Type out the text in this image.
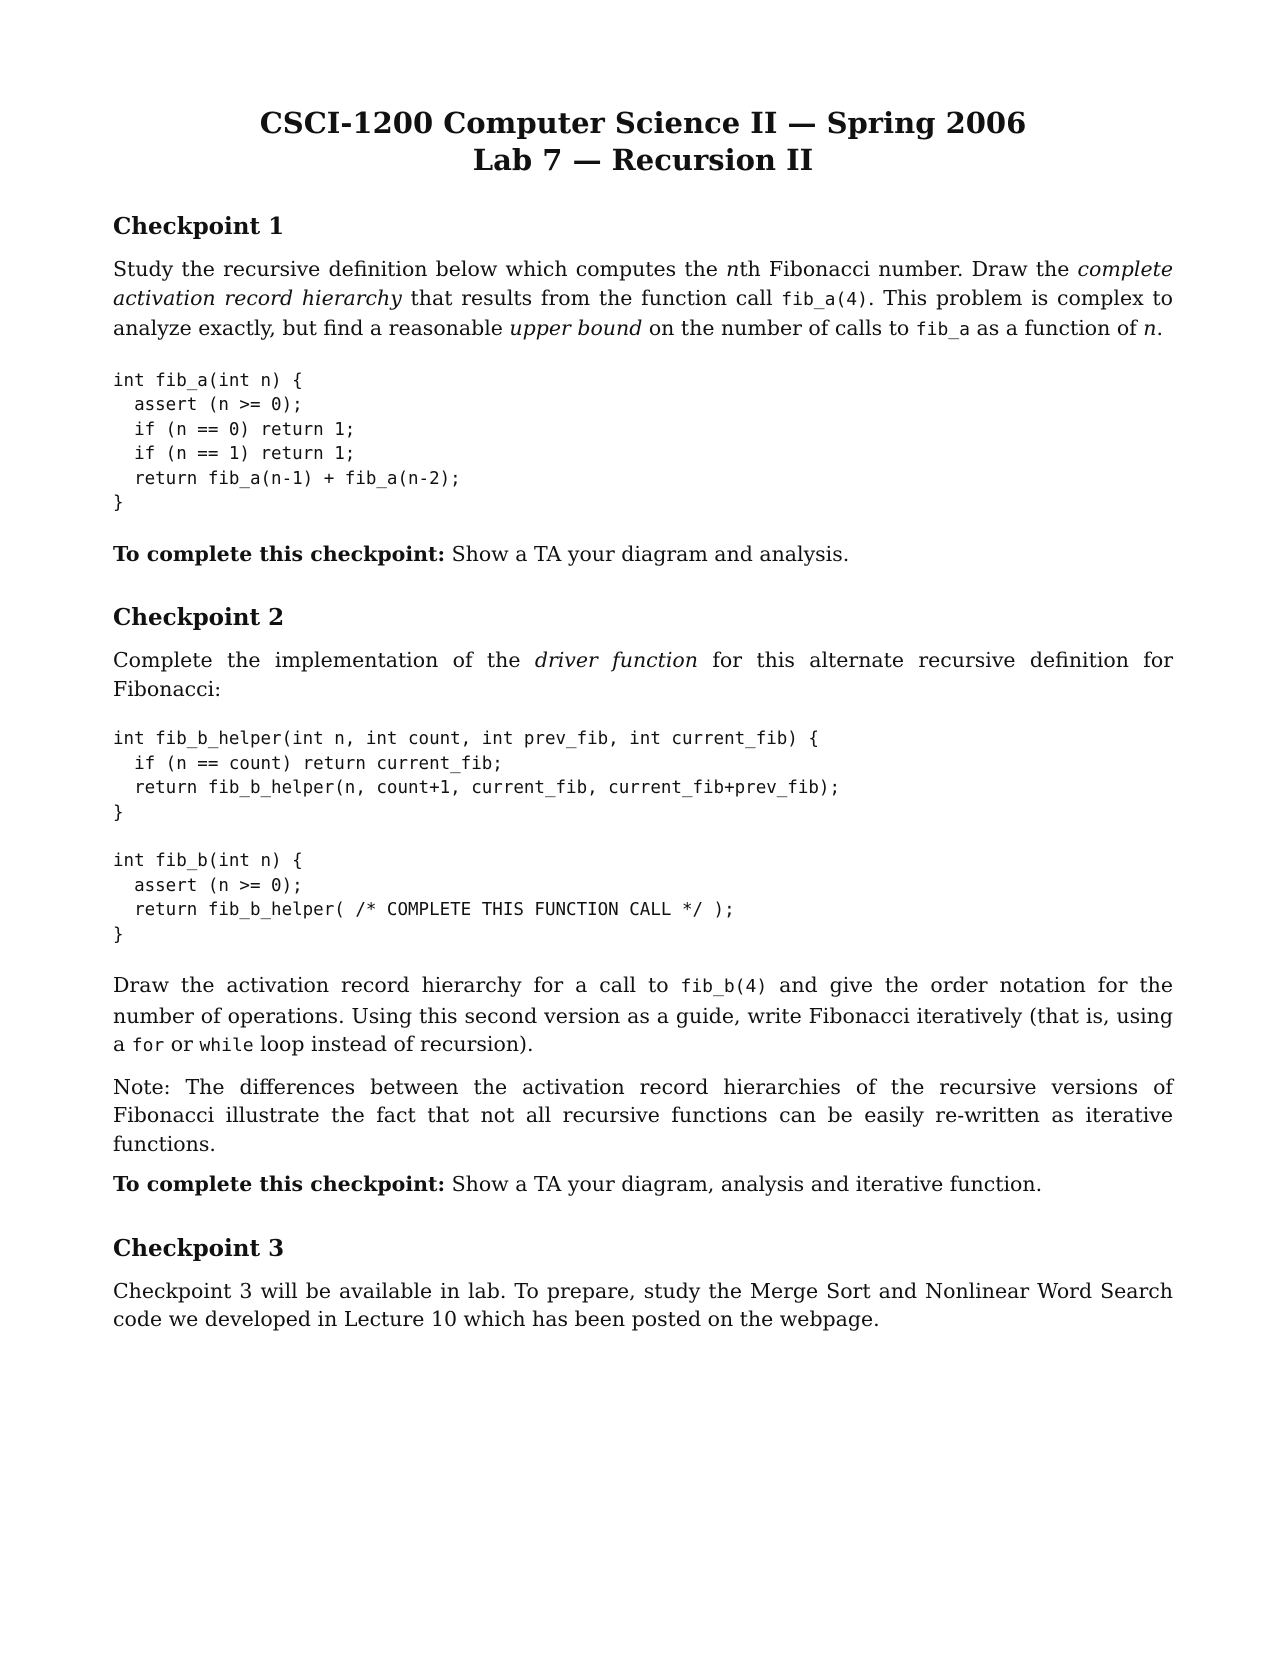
CSCI-1200 Computer Science II — Spring 2006
Lab 7 — Recursion II
Checkpoint 1

Study the recursive definition below which computes the nth Fibonacci number. Draw the complete activation record hierarchy that results from the function call fib_a(4). This problem is complex to analyze exactly, but find a reasonable upper bound on the number of calls to fib_a as a function of n.

int fib_a(int n) {
assert (n >= 0);
if (n == 0) return 1;
if (n == 1) return 1;
return fib_a(n-1) + fib_a(n-2);
}

To complete this checkpoint: Show a TA your diagram and analysis.

Checkpoint 2

Complete the implementation of the driver function for this alternate recursive definition for Fibonacci:

int fib_b_helper(int n, int count, int prev_fib, int current_fib) {
if (n == count) return current_fib;
return fib_b_helper(n, count+1, current_fib, current_fib+prev_fib);
}
int fib_b(int n) {
assert (n >= 0);
return fib_b_helper( /* COMPLETE THIS FUNCTION CALL */ );
}

Draw the activation record hierarchy for a call to fib_b(4) and give the order notation for the number of operations. Using this second version as a guide, write Fibonacci iteratively (that is, using a for or while loop instead of recursion).

Note: The differences between the activation record hierarchies of the recursive versions of Fibonacci illustrate the fact that not all recursive functions can be easily re-written as iterative functions.

To complete this checkpoint: Show a TA your diagram, analysis and iterative function.

Checkpoint 3

Checkpoint 3 will be available in lab. To prepare, study the Merge Sort and Nonlinear Word Search code we developed in Lecture 10 which has been posted on the webpage.
